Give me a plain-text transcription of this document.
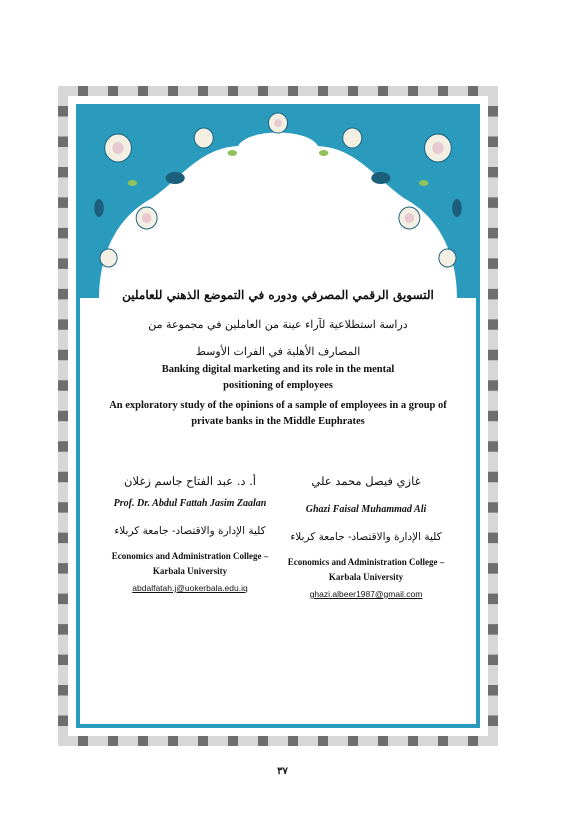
التسويق الرقمي المصرفي ودوره في التموضع الذهني للعاملين
دراسة استطلاعية لآراء عينة من العاملين في مجموعة من
المصارف الأهلية في الفرات الأوسط
Banking digital marketing and its role in the mental positioning of employees
An exploratory study of the opinions of a sample of employees in a group of private banks in the Middle Euphrates
أ. د. عبد الفتاح جاسم زغلان
Prof. Dr. Abdul Fattah Jasim Zaalan
كلية الإدارة والاقتصاد- جامعة كربلاء
Economics and Administration College – Karbala University
abdalfatah.j@uokerbala.edu.iq
غازي فيصل محمد علي
Ghazi Faisal Muhammad Ali
كلية الإدارة والاقتصاد- جامعة كربلاء
Economics and Administration College – Karbala University
ghazi.albeer1987@gmail.com
٣٧
